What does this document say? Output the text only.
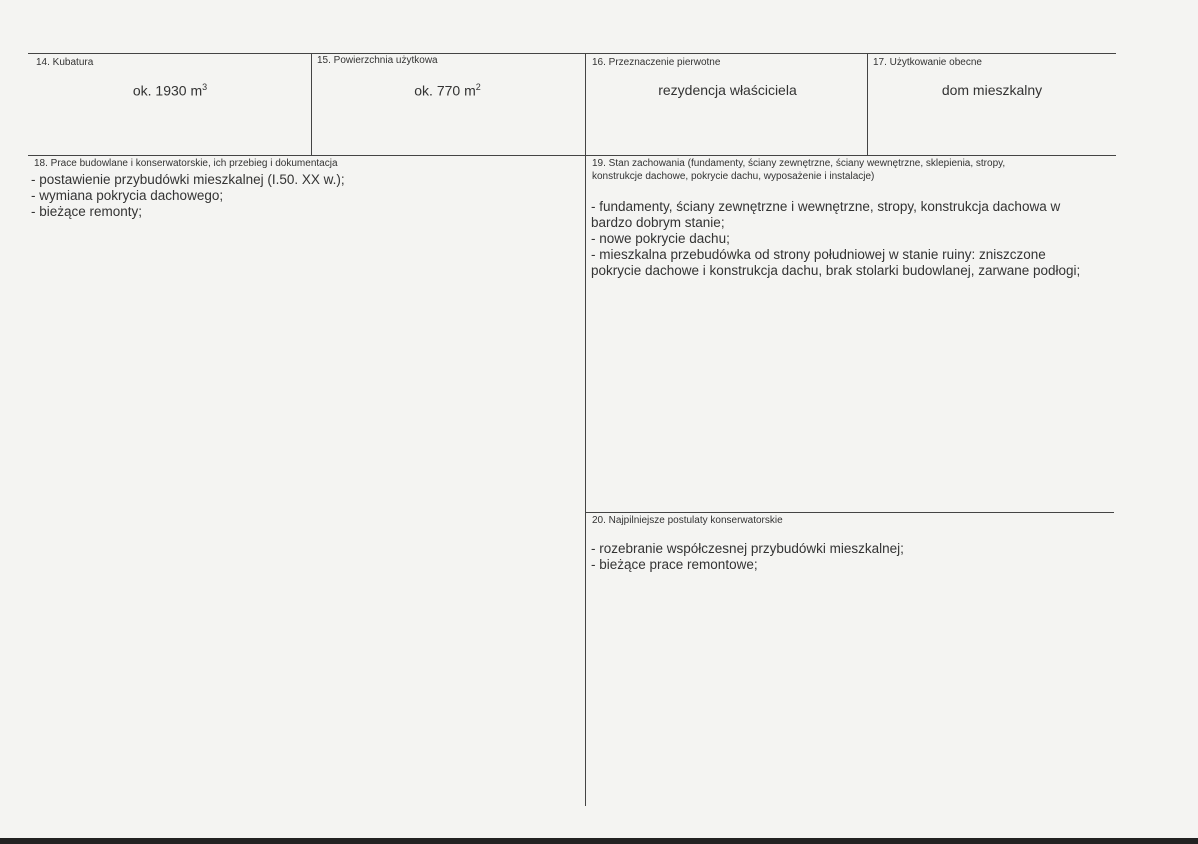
14. Kubatura
ok. 1930 $m^3$
15. Powierzchnia użytkowa
ok. 770 $m^2$
16. Przeznaczenie pierwotne
rezydencja właściciela
17. Użytkowanie obecne
dom mieszkalny
18. Prace budowlane i konserwatorskie, ich przebieg i dokumentacja
- postawienie przybudówki mieszkalnej (I.50. XX w.);
- wymiana pokrycia dachowego;
- bieżące remonty;
19. Stan zachowania (fundamenty, ściany zewnętrzne, ściany wewnętrzne, sklepienia, stropy,
konstrukcje dachowe, pokrycie dachu, wyposażenie i instalacje)
- fundamenty, ściany zewnętrzne i wewnętrzne, stropy, konstrukcja dachowa w
bardzo dobrym stanie;
- nowe pokrycie dachu;
- mieszkalna przebudówka od strony południowej w stanie ruiny: zniszczone
pokrycie dachowe i konstrukcja dachu, brak stolarki budowlanej, zarwane podłogi;
20. Najpilniejsze postulaty konserwatorskie
- rozebranie współczesnej przybudówki mieszkalnej;
- bieżące prace remontowe;
